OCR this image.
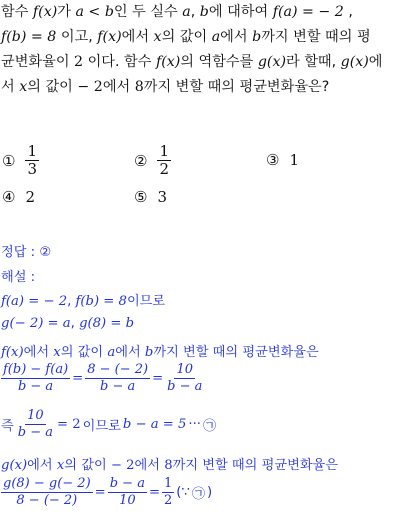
함수 f(x)가 a < b인 두 실수 a, b에 대하여 f(a) = − 2 ,

f(b) = 8 이고, f(x)에서 x의 값이 a에서 b까지 변할 때의 평

균변화율이 2 이다. 함수 f(x)의 역함수를 g(x)라 할때, g(x)에

서 x의 값이 − 2에서 8까지 변할 때의 평균변화율은?

① $\frac{1}{3}$	② $\frac{1}{2}$	③ 1
④ 2	⑤ 3
정답 : ②
해설 :
f(a) = − 2, f(b) = 8이므로
g(− 2) = a, g(8) = b
f(x)에서 x의 값이 a에서 b까지 변할 때의 평균변화율은
$\frac{f(b) - f(a)}{b - a} = \frac{8 - (- 2)}{b - a} = \frac{10}{b - a}$
즉 $\frac{10}{b - a} = 2$ 이므로 b − a = 5 ··· ㉠
g(x)에서 x의 값이 − 2에서 8까지 변할 때의 평균변화율은
$\frac{g(8) - g(- 2)}{8 - (- 2)} = \frac{b - a}{10} = \frac{1}{2}$ (∵ ㉠ )
